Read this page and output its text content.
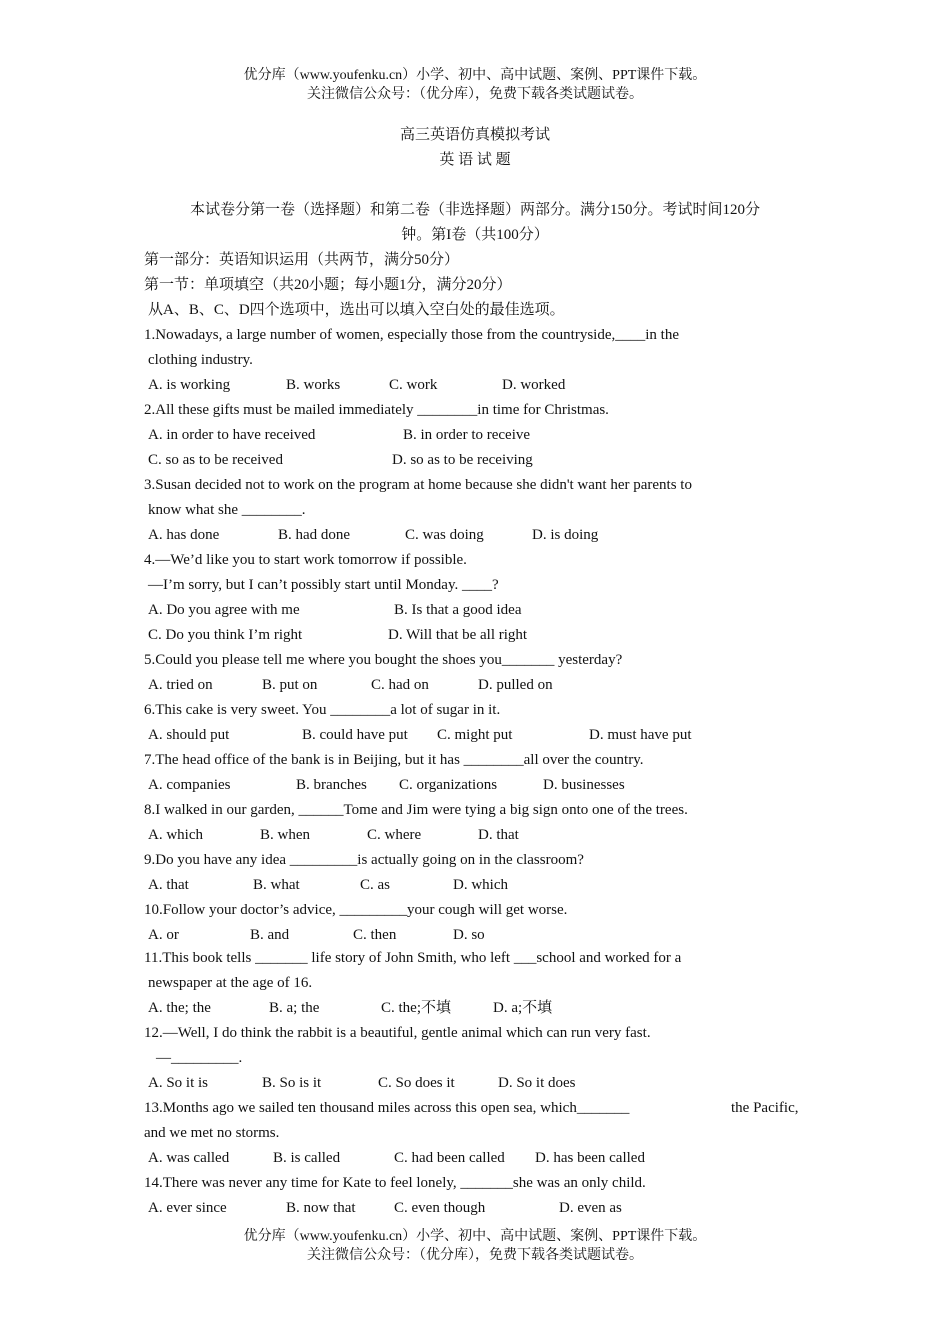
优分库（www.youfenku.cn）小学、初中、高中试题、案例、PPT课件下载。
关注微信公众号：（优分库），免费下载各类试题试卷。
高三英语仿真模拟考试
英 语 试 题
本试卷分第一卷（选择题）和第二卷（非选择题）两部分。满分150分。考试时间120分
钟。第I卷（共100分）
第一部分：英语知识运用（共两节，满分50分）
第一节：单项填空（共20小题；每小题1分，满分20分）
从A、B、C、D四个选项中，选出可以填入空白处的最佳选项。
1.Nowadays, a large number of women, especially those from the countryside,____in the
clothing industry.
A. is working	B. works	C. work	D. worked
2.All these gifts must be mailed immediately ________in time for Christmas.
A. in order to have received	B. in order to receive
C. so as to be received	D. so as to be receiving
3.Susan decided not to work on the program at home because she didn't want her parents to
know what she ________.
A. has done	B. had done	C. was doing	D. is doing
4.—We’d like you to start work tomorrow if possible.
—I’m sorry, but I can’t possibly start until Monday. ____?
A. Do you agree with me	B. Is that a good idea
C. Do you think I’m right	D. Will that be all right
5.Could you please tell me where you bought the shoes you_______ yesterday?
A. tried on	B. put on	C. had on	D. pulled on
6.This cake is very sweet. You ________a lot of sugar in it.
A. should put	B. could have put C. might put	D. must have put
7.The head office of the bank is in Beijing, but it has ________all over the country.
A. companies	B. branches C. organizations	D. businesses
8.I walked in our garden, ______Tome and Jim were tying a big sign onto one of the trees.
A. which	B. when	C. where	D. that
9.Do you have any idea _________is actually going on in the classroom?
A. that	B. what	C. as	D. which
10.Follow your doctor’s advice, _________your cough will get worse.
A. or	B. and	C. then	D. so
11.This book tells _______ life story of John Smith, who left ___school and worked for a
newspaper at the age of 16.
A. the; the	B. a; the	C. the;不填	D. a;不填
12.—Well, I do think the rabbit is a beautiful, gentle animal which can run very fast.
—_________.
A. So it is	B. So is it	C. So does it	D. So it does
13.Months ago we sailed ten thousand miles across this open sea, which_______	the Pacific,
and we met no storms.
A. was called	B. is called	C. had been called D. has been called
14.There was never any time for Kate to feel lonely, _______she was an only child.
A. ever since	B. now that	C. even though	D. even as
优分库（www.youfenku.cn）小学、初中、高中试题、案例、PPT课件下载。
关注微信公众号：（优分库），免费下载各类试题试卷。
